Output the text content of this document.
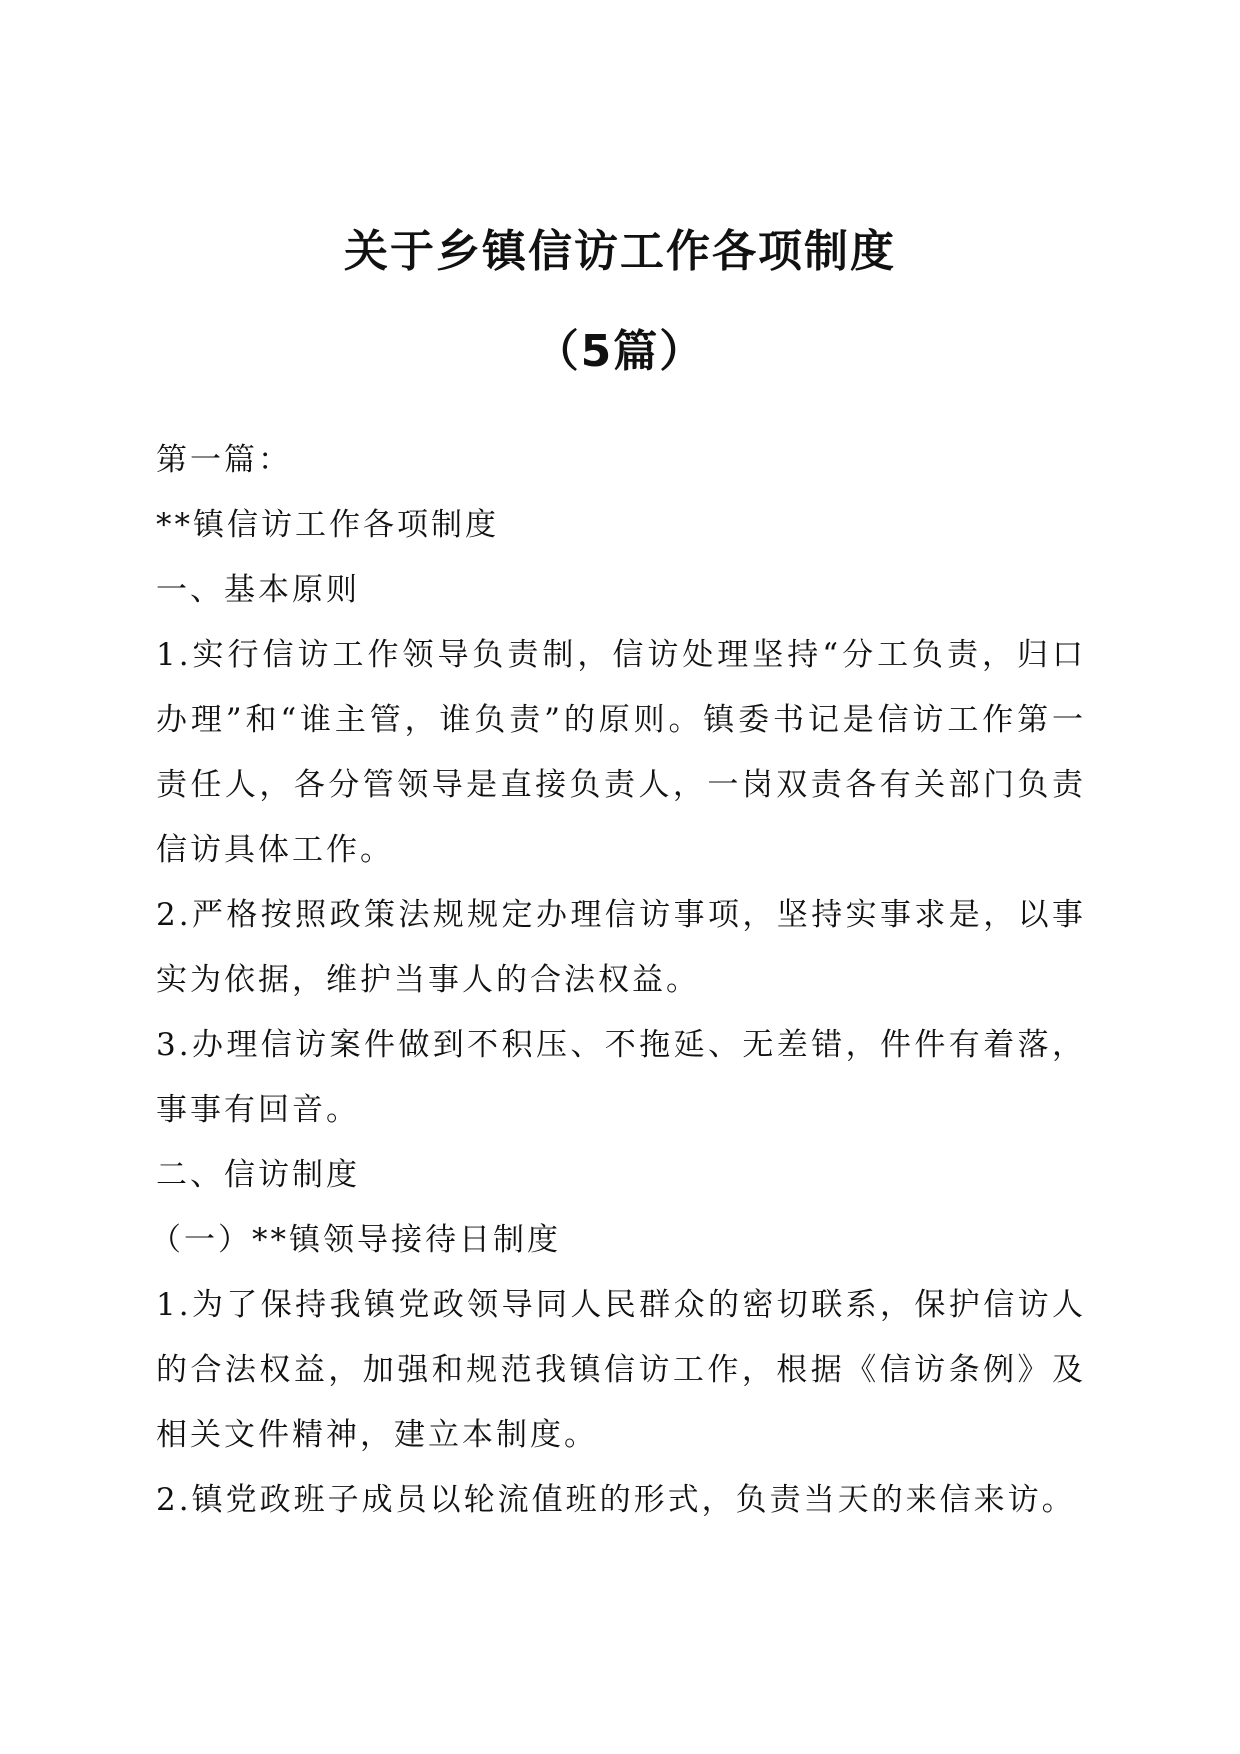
关于乡镇信访工作各项制度
（5篇）

第一篇：

**镇信访工作各项制度

一、基本原则

1.实行信访工作领导负责制，信访处理坚持“分工负责，归口办理”和“谁主管，谁负责”的原则。镇委书记是信访工作第一责任人，各分管领导是直接负责人，一岗双责各有关部门负责信访具体工作。

2.严格按照政策法规规定办理信访事项，坚持实事求是，以事实为依据，维护当事人的合法权益。

3.办理信访案件做到不积压、不拖延、无差错，件件有着落，事事有回音。

二、信访制度

（一）**镇领导接待日制度

1.为了保持我镇党政领导同人民群众的密切联系，保护信访人的合法权益，加强和规范我镇信访工作，根据《信访条例》及相关文件精神，建立本制度。

2.镇党政班子成员以轮流值班的形式，负责当天的来信来访。
